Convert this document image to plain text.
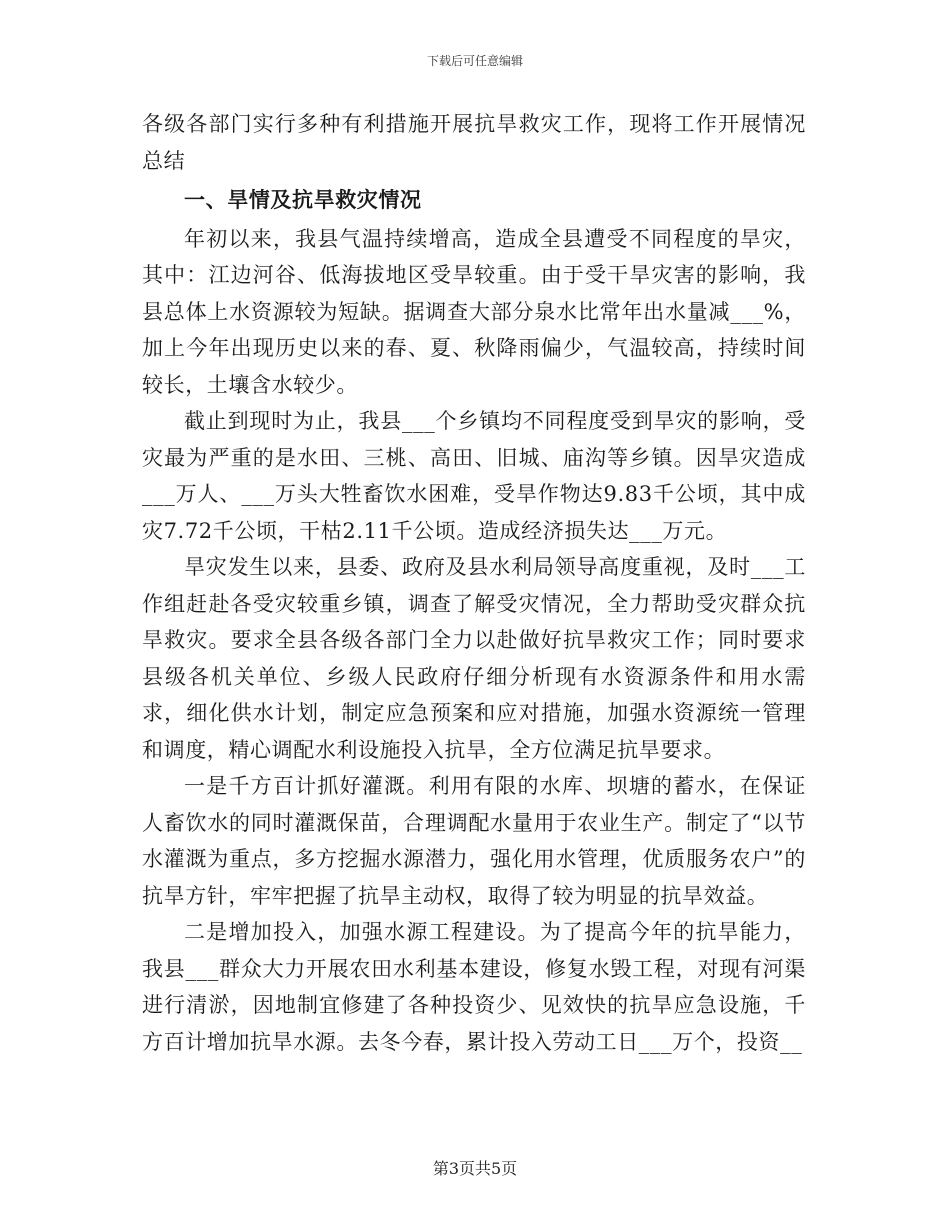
下载后可任意编辑

各级各部门实行多种有利措施开展抗旱救灾工作，现将工作开展情况总结

一、旱情及抗旱救灾情况

年初以来，我县气温持续增高，造成全县遭受不同程度的旱灾，其中：江边河谷、低海拔地区受旱较重。由于受干旱灾害的影响，我县总体上水资源较为短缺。据调查大部分泉水比常年出水量减___%，加上今年出现历史以来的春、夏、秋降雨偏少，气温较高，持续时间较长，土壤含水较少。

截止到现时为止，我县___个乡镇均不同程度受到旱灾的影响，受灾最为严重的是水田、三桃、高田、旧城、庙沟等乡镇。因旱灾造成___万人、___万头大牲畜饮水困难，受旱作物达9.83千公顷，其中成灾7.72千公顷，干枯2.11千公顷。造成经济损失达___万元。

旱灾发生以来，县委、政府及县水利局领导高度重视，及时___工作组赶赴各受灾较重乡镇，调查了解受灾情况，全力帮助受灾群众抗旱救灾。要求全县各级各部门全力以赴做好抗旱救灾工作；同时要求县级各机关单位、乡级人民政府仔细分析现有水资源条件和用水需求，细化供水计划，制定应急预案和应对措施，加强水资源统一管理和调度，精心调配水利设施投入抗旱，全方位满足抗旱要求。

一是千方百计抓好灌溉。利用有限的水库、坝塘的蓄水，在保证人畜饮水的同时灌溉保苗，合理调配水量用于农业生产。制定了“以节水灌溉为重点，多方挖掘水源潜力，强化用水管理，优质服务农户”的抗旱方针，牢牢把握了抗旱主动权，取得了较为明显的抗旱效益。

二是增加投入，加强水源工程建设。为了提高今年的抗旱能力，我县___群众大力开展农田水利基本建设，修复水毁工程，对现有河渠进行清淤，因地制宜修建了各种投资少、见效快的抗旱应急设施，千方百计增加抗旱水源。去冬今春，累计投入劳动工日___万个，投资__

第3页共5页
